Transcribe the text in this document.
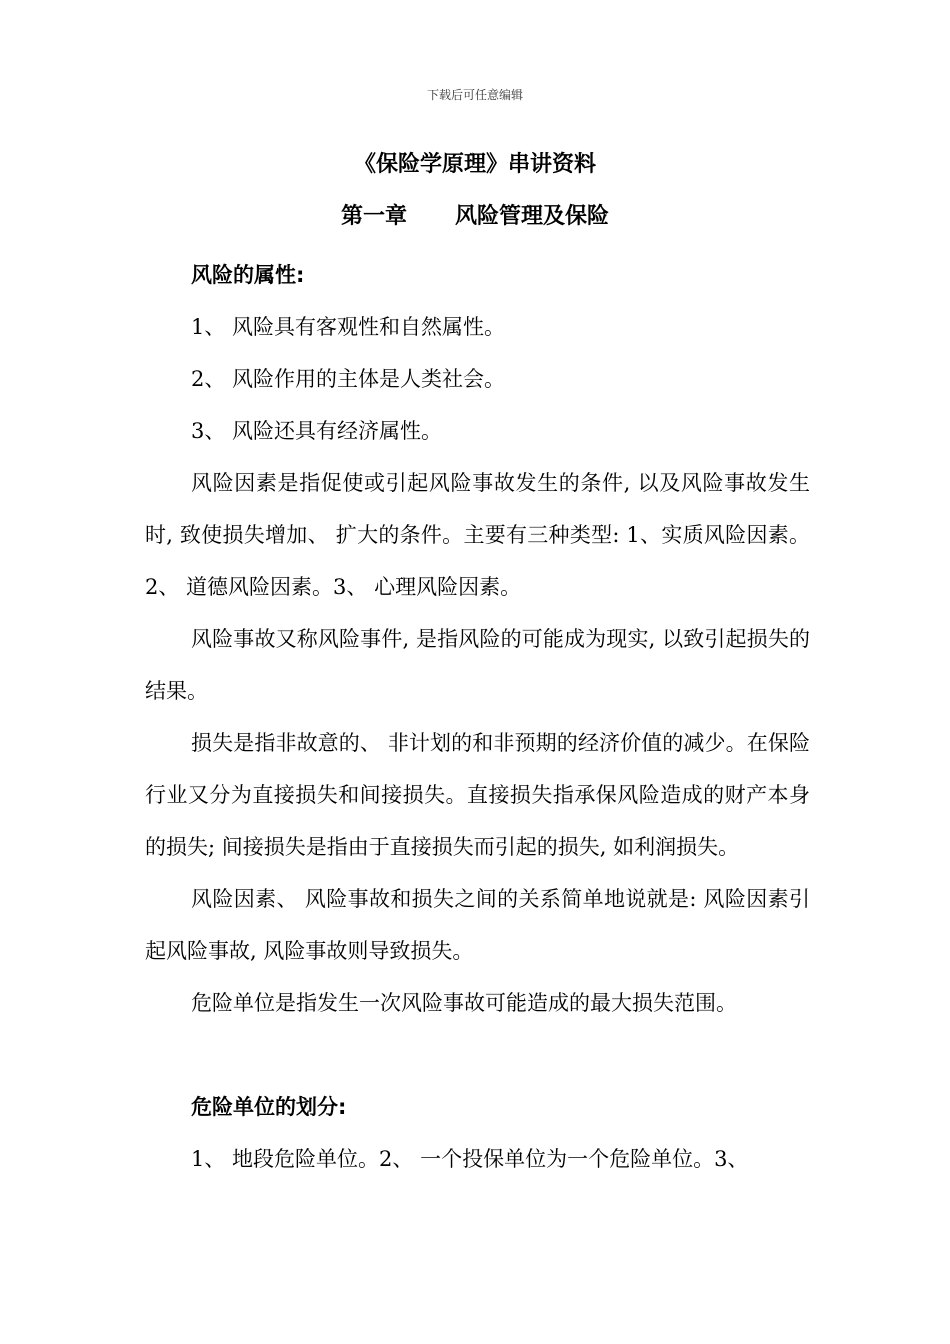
下载后可任意编辑
《保险学原理》串讲资料
第一章 风险管理及保险

风险的属性:

1、 风险具有客观性和自然属性。

2、 风险作用的主体是人类社会。

3、 风险还具有经济属性。

风险因素是指促使或引起风险事故发生的条件, 以及风险事故发生时, 致使损失增加、 扩大的条件。主要有三种类型: 1、实质风险因素。2、 道德风险因素。3、 心理风险因素。

风险事故又称风险事件, 是指风险的可能成为现实, 以致引起损失的结果。

损失是指非故意的、 非计划的和非预期的经济价值的减少。在保险行业又分为直接损失和间接损失。直接损失指承保风险造成的财产本身的损失; 间接损失是指由于直接损失而引起的损失, 如利润损失。

风险因素、 风险事故和损失之间的关系简单地说就是: 风险因素引起风险事故, 风险事故则导致损失。

危险单位是指发生一次风险事故可能造成的最大损失范围。

危险单位的划分:

1、 地段危险单位。2、 一个投保单位为一个危险单位。3、
